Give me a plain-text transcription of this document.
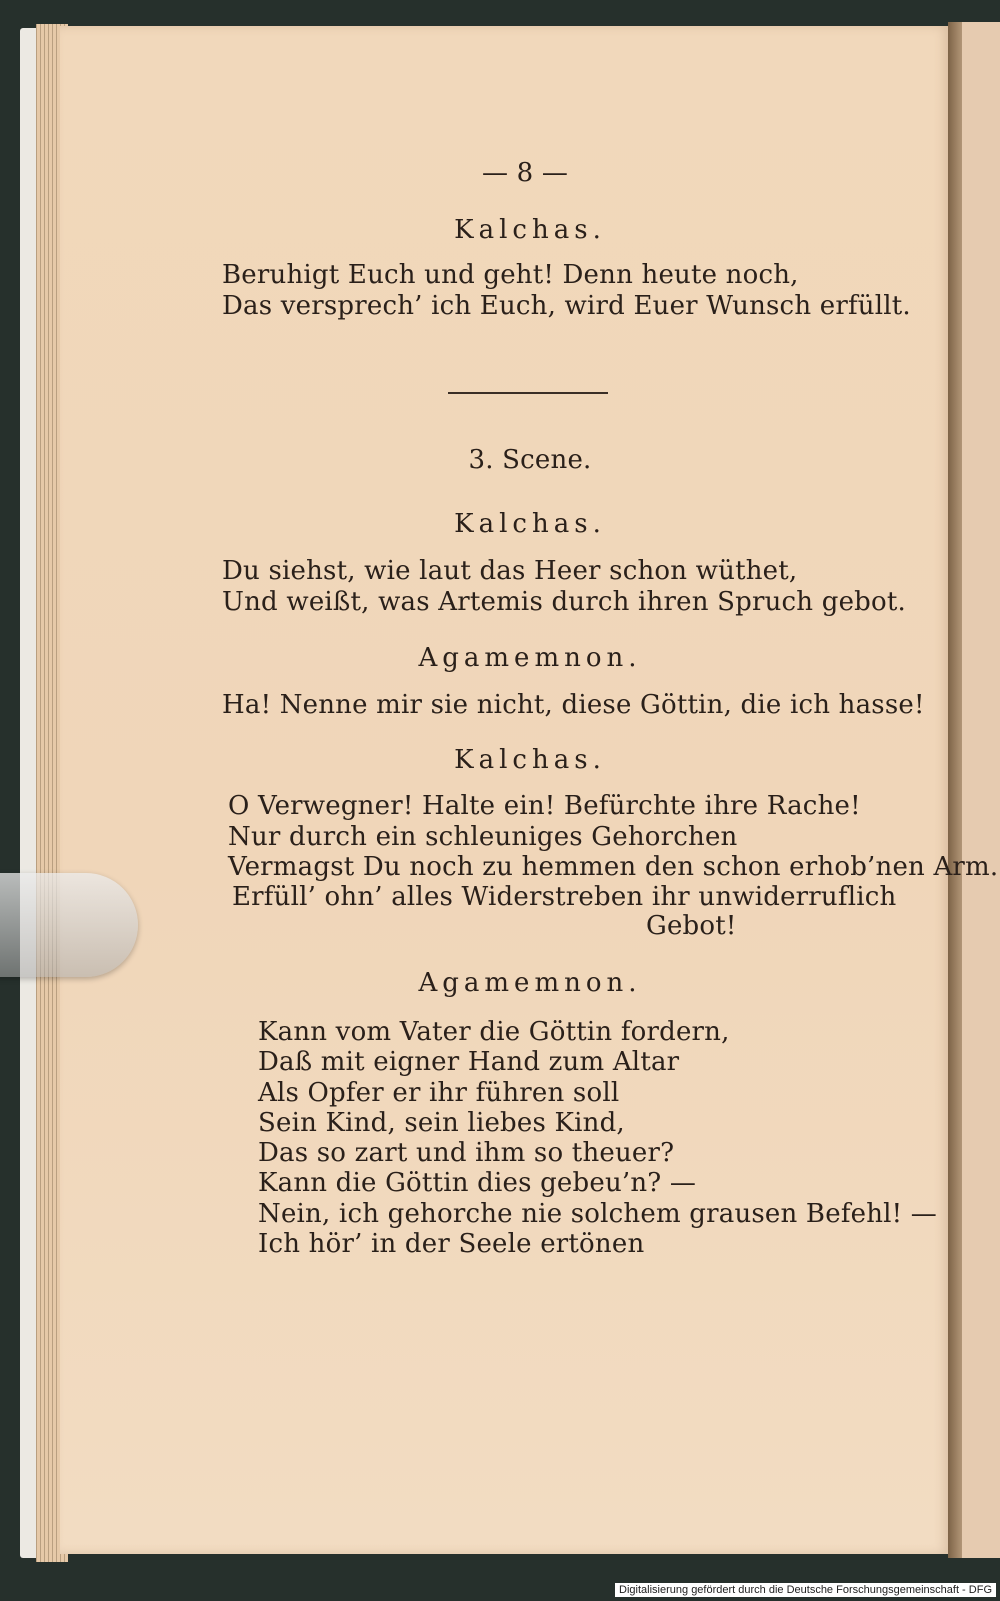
— 8 —
Kalchas.
Beruhigt Euch und geht! Denn heute noch,
Das versprech’ ich Euch, wird Euer Wunsch erfüllt.
3. Scene.
Kalchas.
Du siehst, wie laut das Heer schon wüthet,
Und weißt, was Artemis durch ihren Spruch gebot.
Agamemnon.
Ha! Nenne mir sie nicht, diese Göttin, die ich hasse!
Kalchas.
O Verwegner! Halte ein! Befürchte ihre Rache!
Nur durch ein schleuniges Gehorchen
Vermagst Du noch zu hemmen den schon erhob’nen Arm.
Erfüll’ ohn’ alles Widerstreben ihr unwiderruflich
Gebot!
Agamemnon.
Kann vom Vater die Göttin fordern,
Daß mit eigner Hand zum Altar
Als Opfer er ihr führen soll
Sein Kind, sein liebes Kind,
Das so zart und ihm so theuer?
Kann die Göttin dies gebeu’n? —
Nein, ich gehorche nie solchem grausen Befehl! —
Ich hör’ in der Seele ertönen
Digitalisierung gefördert durch die Deutsche Forschungsgemeinschaft - DFG
